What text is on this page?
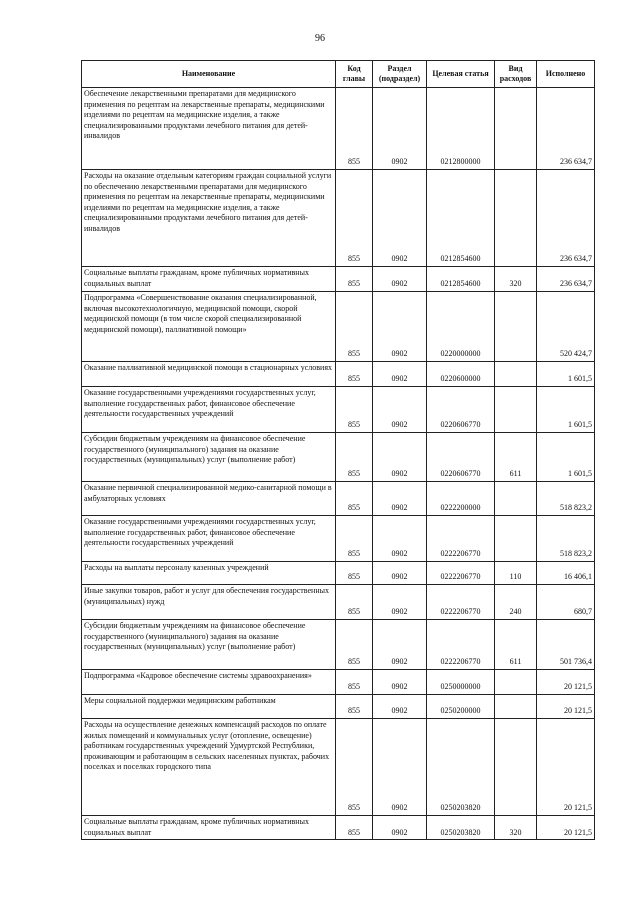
96
Наименование	Код главы	Раздел (подраздел)	Целевая статья	Вид расходов	Исполнено
Обеспечение лекарственными препаратами для медицинского применения по рецептам на лекарственные препараты, медицинскими изделиями по рецептам на медицинские изделия, а также специализированными продуктами лечебного питания для детей-инвалидов	855	0902	0212800000		236 634,7
Расходы на оказание отдельным категориям граждан социальной услуги по обеспечению лекарственными препаратами для медицинского применения по рецептам на лекарственные препараты, медицинскими изделиями по рецептам на медицинские изделия, а также специализированными продуктами лечебного питания для детей-инвалидов	855	0902	0212854600		236 634,7
Социальные выплаты гражданам, кроме публичных нормативных социальных выплат	855	0902	0212854600	320	236 634,7
Подпрограмма «Совершенствование оказания специализированной, включая высокотехнологичную, медицинской помощи, скорой медицинской помощи (в том числе скорой специализированной медицинской помощи), паллиативной помощи»	855	0902	0220000000		520 424,7
Оказание паллиативной медицинской помощи в стационарных условиях	855	0902	0220600000		1 601,5
Оказание государственными учреждениями государственных услуг, выполнение государственных работ, финансовое обеспечение деятельности государственных учреждений	855	0902	0220606770		1 601,5
Субсидии бюджетным учреждениям на финансовое обеспечение государственного (муниципального) задания на оказание государственных (муниципальных) услуг (выполнение работ)	855	0902	0220606770	611	1 601,5
Оказание первичной специализированной медико-санитарной помощи в амбулаторных условиях	855	0902	0222200000		518 823,2
Оказание государственными учреждениями государственных услуг, выполнение государственных работ, финансовое обеспечение деятельности государственных учреждений	855	0902	0222206770		518 823,2
Расходы на выплаты персоналу казенных учреждений	855	0902	0222206770	110	16 406,1
Иные закупки товаров, работ и услуг для обеспечения государственных (муниципальных) нужд	855	0902	0222206770	240	680,7
Субсидии бюджетным учреждениям на финансовое обеспечение государственного (муниципального) задания на оказание государственных (муниципальных) услуг (выполнение работ)	855	0902	0222206770	611	501 736,4
Подпрограмма «Кадровое обеспечение системы здравоохранения»	855	0902	0250000000		20 121,5
Меры социальной поддержки медицинским работникам	855	0902	0250200000		20 121,5
Расходы на осуществление денежных компенсаций расходов по оплате жилых помещений и коммунальных услуг (отопление, освещение) работникам государственных учреждений Удмуртской Республики, проживающим и работающим в сельских населенных пунктах, рабочих поселках и поселках городского типа	855	0902	0250203820		20 121,5
Социальные выплаты гражданам, кроме публичных нормативных социальных выплат	855	0902	0250203820	320	20 121,5
